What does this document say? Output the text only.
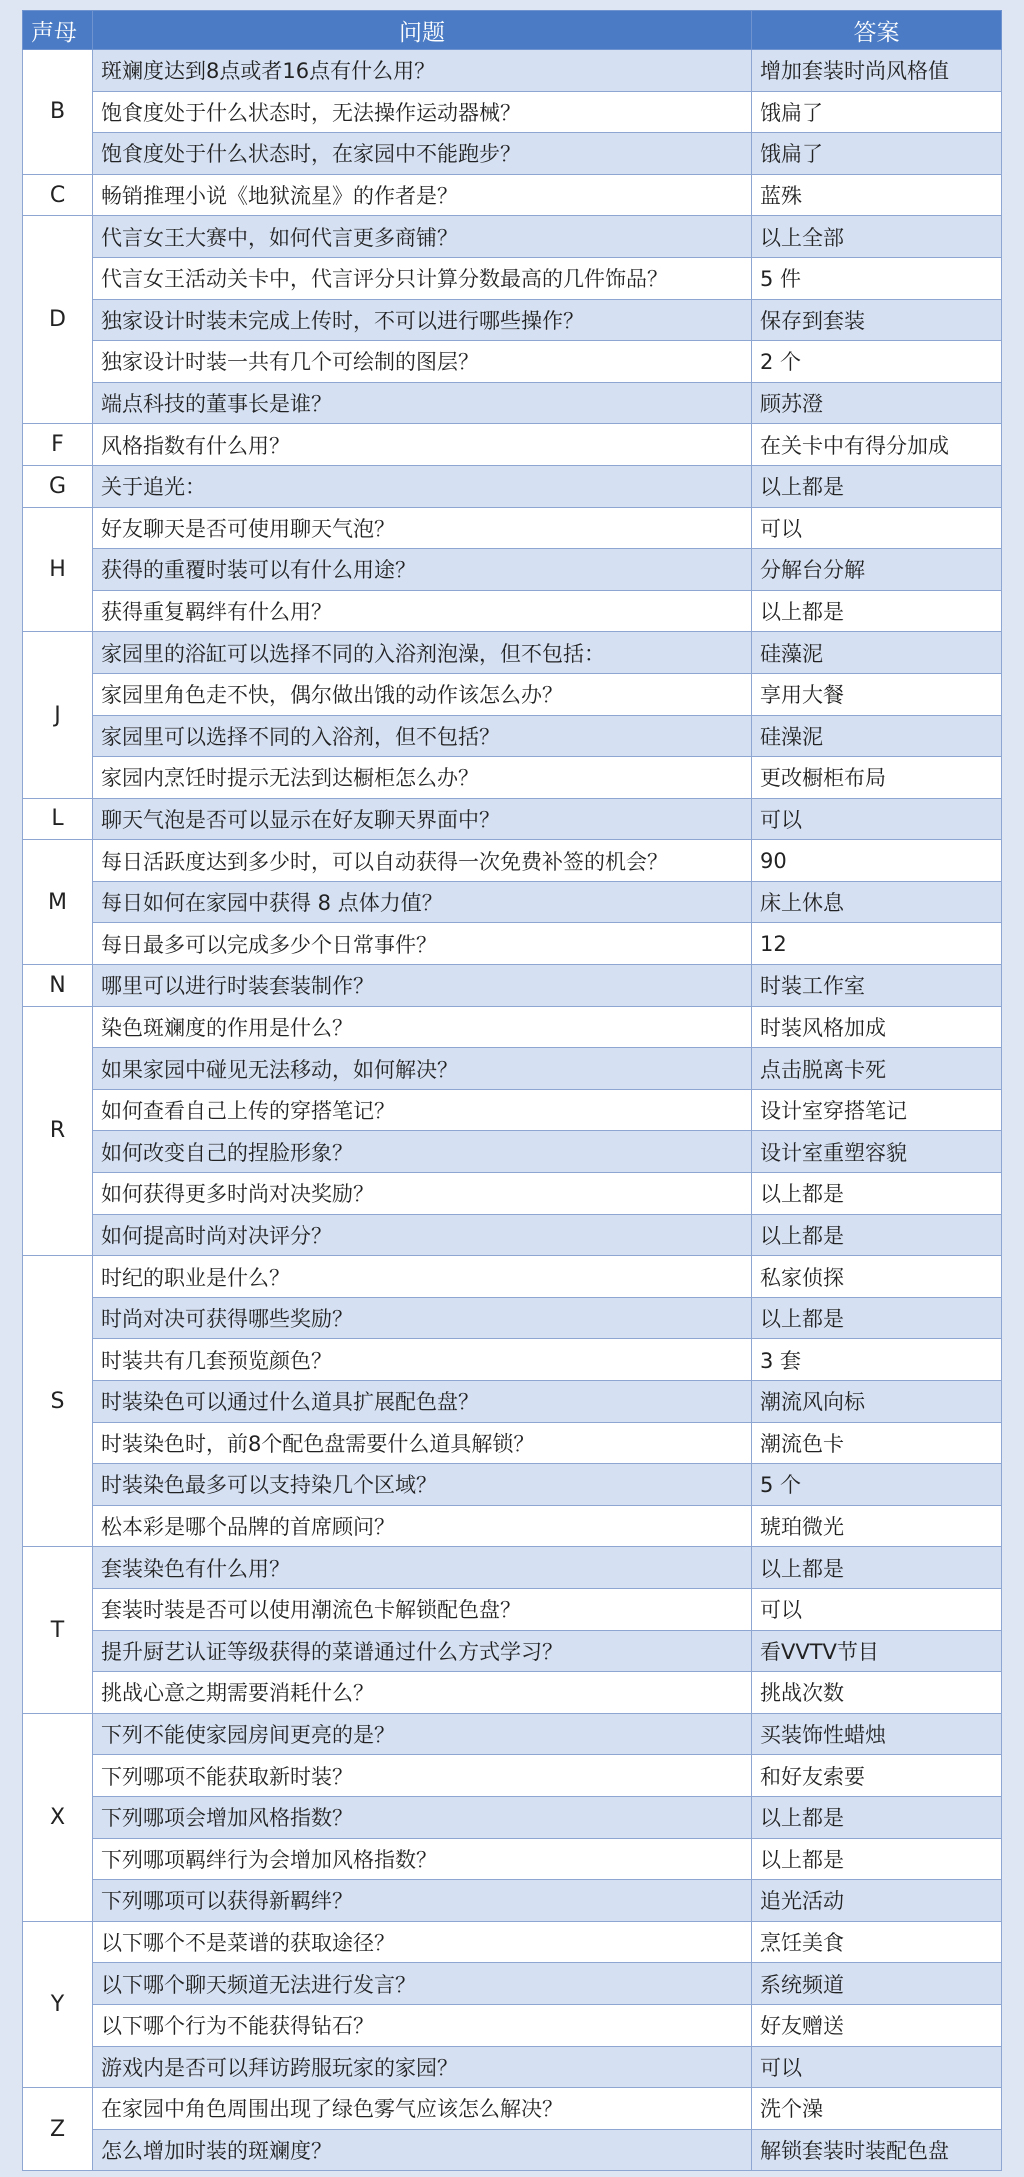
声母	问题	答案
B	斑斓度达到8点或者16点有什么用？	增加套装时尚风格值
	饱食度处于什么状态时，无法操作运动器械？	饿扁了
	饱食度处于什么状态时，在家园中不能跑步？	饿扁了
C	畅销推理小说《地狱流星》的作者是？	蓝殊
D	代言女王大赛中，如何代言更多商铺？	以上全部
	代言女王活动关卡中，代言评分只计算分数最高的几件饰品？	5 件
	独家设计时装未完成上传时，不可以进行哪些操作？	保存到套装
	独家设计时装一共有几个可绘制的图层？	2 个
	端点科技的董事长是谁？	顾苏澄
F	风格指数有什么用？	在关卡中有得分加成
G	关于追光：	以上都是
H	好友聊天是否可使用聊天气泡？	可以
	获得的重覆时装可以有什么用途？	分解台分解
	获得重复羁绊有什么用？	以上都是
J	家园里的浴缸可以选择不同的入浴剂泡澡，但不包括：	硅藻泥
	家园里角色走不快，偶尔做出饿的动作该怎么办？	享用大餐
	家园里可以选择不同的入浴剂，但不包括？	硅澡泥
	家园内烹饪时提示无法到达橱柜怎么办？	更改橱柜布局
L	聊天气泡是否可以显示在好友聊天界面中？	可以
M	每日活跃度达到多少时，可以自动获得一次免费补签的机会？	90
	每日如何在家园中获得 8 点体力值？	床上休息
	每日最多可以完成多少个日常事件？	12
N	哪里可以进行时装套装制作？	时装工作室
R	染色斑斓度的作用是什么？	时装风格加成
	如果家园中碰见无法移动，如何解决？	点击脱离卡死
	如何查看自己上传的穿搭笔记？	设计室穿搭笔记
	如何改变自己的捏脸形象？	设计室重塑容貌
	如何获得更多时尚对决奖励？	以上都是
	如何提高时尚对决评分？	以上都是
S	时纪的职业是什么？	私家侦探
	时尚对决可获得哪些奖励？	以上都是
	时装共有几套预览颜色？	3 套
	时装染色可以通过什么道具扩展配色盘？	潮流风向标
	时装染色时，前8个配色盘需要什么道具解锁？	潮流色卡
	时装染色最多可以支持染几个区域？	5 个
	松本彩是哪个品牌的首席顾问？	琥珀微光
T	套装染色有什么用？	以上都是
	套装时装是否可以使用潮流色卡解锁配色盘？	可以
	提升厨艺认证等级获得的菜谱通过什么方式学习？	看VVTV节目
	挑战心意之期需要消耗什么？	挑战次数
X	下列不能使家园房间更亮的是？	买装饰性蜡烛
	下列哪项不能获取新时装？	和好友索要
	下列哪项会增加风格指数？	以上都是
	下列哪项羁绊行为会增加风格指数？	以上都是
	下列哪项可以获得新羁绊？	追光活动
Y	以下哪个不是菜谱的获取途径？	烹饪美食
	以下哪个聊天频道无法进行发言？	系统频道
	以下哪个行为不能获得钻石？	好友赠送
	游戏内是否可以拜访跨服玩家的家园？	可以
Z	在家园中角色周围出现了绿色雾气应该怎么解决？	洗个澡
	怎么增加时装的斑斓度？	解锁套装时装配色盘
